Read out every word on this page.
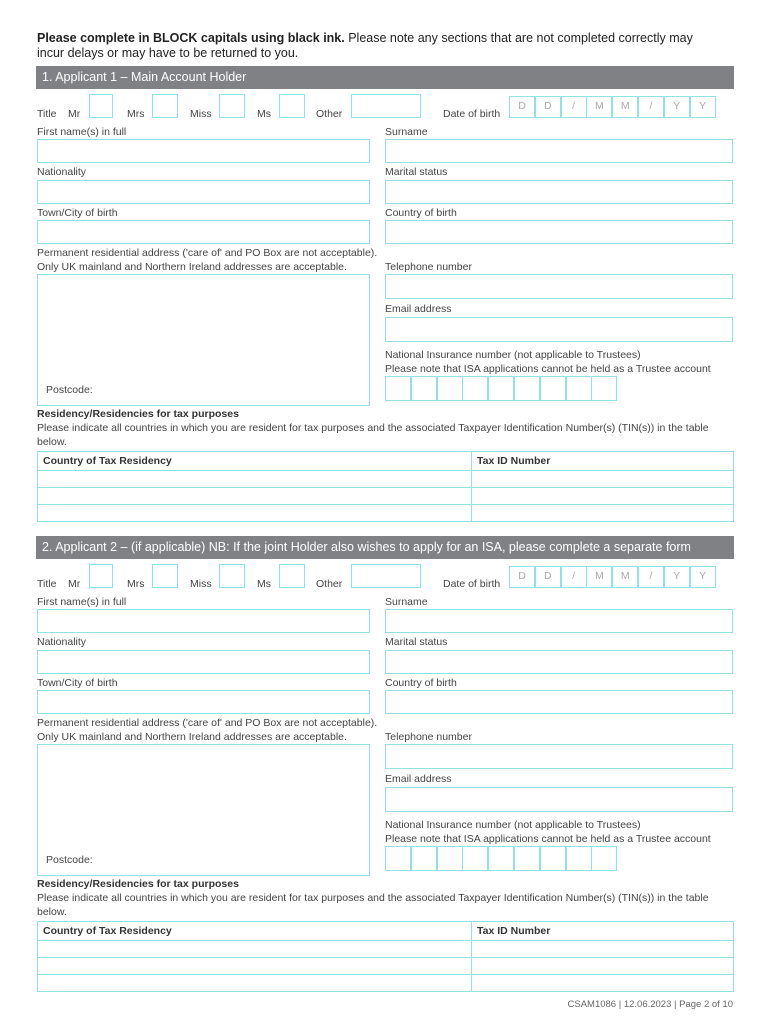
Please complete in BLOCK capitals using black ink. Please note any sections that are not completed correctly may incur delays or may have to be returned to you.
1. Applicant 1 – Main Account Holder
Title Mr	Mrs	Miss	Ms	Other	Date of birth
D	D	/	M	M	/	Y	Y
First name(s) in full	Surname
Nationality	Marital status
Town/City of birth	Country of birth
Permanent residential address ('care of' and PO Box are not acceptable).
Only UK mainland and Northern Ireland addresses are acceptable.
Postcode:
Telephone number
Email address
National Insurance number (not applicable to Trustees)
Please note that ISA applications cannot be held as a Trustee account
Residency/Residencies for tax purposes
Please indicate all countries in which you are resident for tax purposes and the associated Taxpayer Identification Number(s) (TIN(s)) in the table below.
Country of Tax Residency	Tax ID Number

2. Applicant 2 – (if applicable) NB: If the joint Holder also wishes to apply for an ISA, please complete a separate form
Title Mr	Mrs	Miss	Ms	Other	Date of birth
D	D	/	M	M	/	Y	Y
First name(s) in full	Surname
Nationality	Marital status
Town/City of birth	Country of birth
Permanent residential address ('care of' and PO Box are not acceptable).
Only UK mainland and Northern Ireland addresses are acceptable.
Postcode:
Telephone number
Email address
National Insurance number (not applicable to Trustees)
Please note that ISA applications cannot be held as a Trustee account
Residency/Residencies for tax purposes
Please indicate all countries in which you are resident for tax purposes and the associated Taxpayer Identification Number(s) (TIN(s)) in the table below.
Country of Tax Residency	Tax ID Number

CSAM1086 | 12.06.2023 | Page 2 of 10
